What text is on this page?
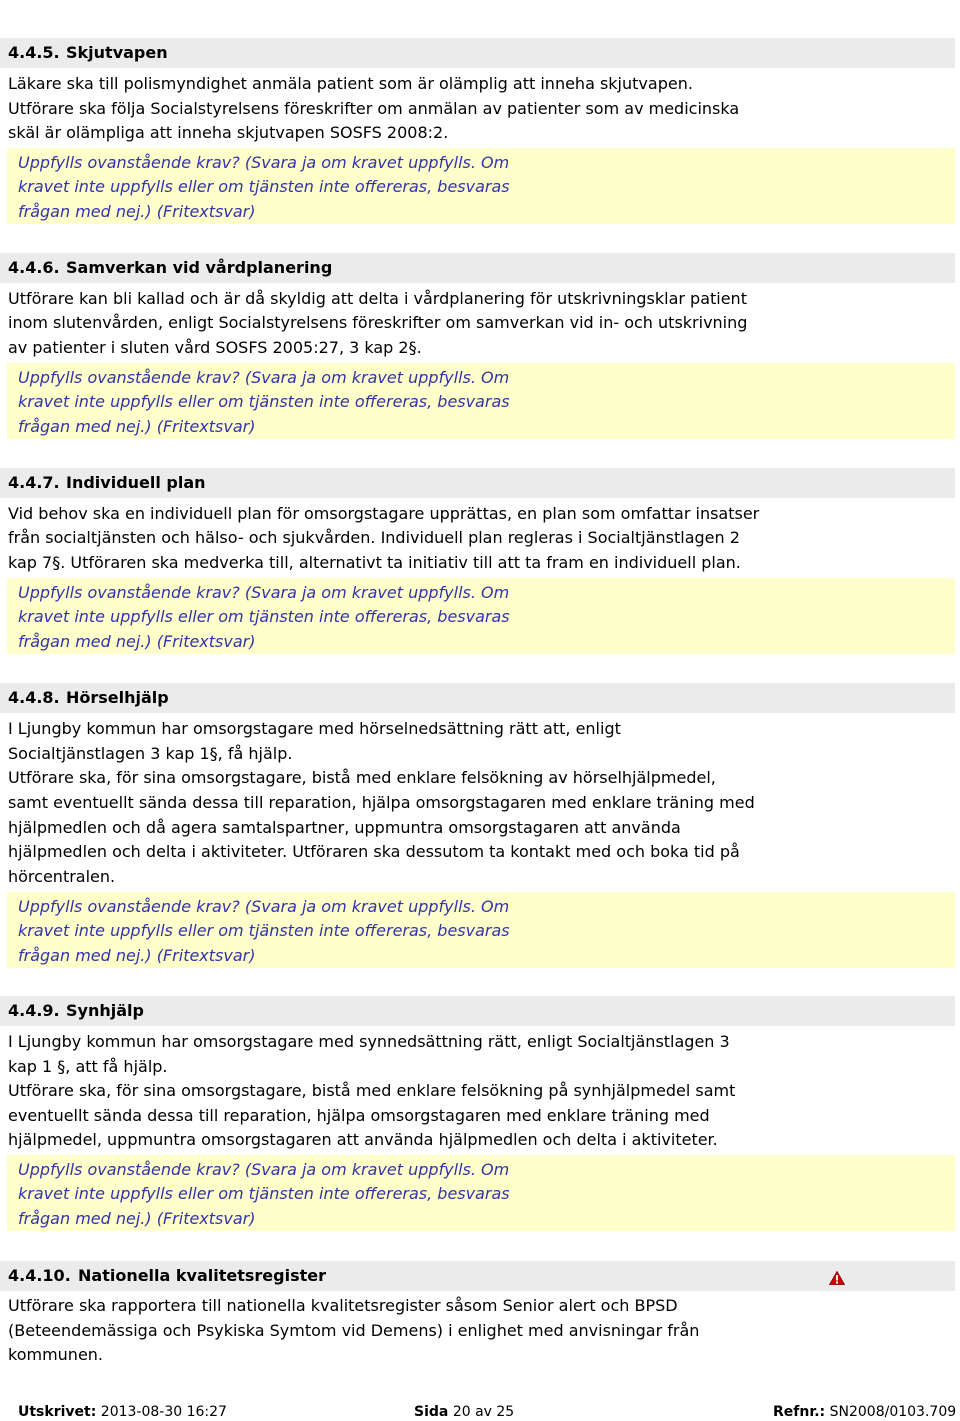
4.4.5. Skjutvapen
Läkare ska till polismyndighet anmäla patient som är olämplig att inneha skjutvapen.
Utförare ska följa Socialstyrelsens föreskrifter om anmälan av patienter som av medicinska
skäl är olämpliga att inneha skjutvapen SOSFS 2008:2.
Uppfylls ovanstående krav? (Svara ja om kravet uppfylls. Om
kravet inte uppfylls eller om tjänsten inte offereras, besvaras
frågan med nej.) (Fritextsvar)
4.4.6. Samverkan vid vårdplanering
Utförare kan bli kallad och är då skyldig att delta i vårdplanering för utskrivningsklar patient
inom slutenvården, enligt Socialstyrelsens föreskrifter om samverkan vid in- och utskrivning
av patienter i sluten vård SOSFS 2005:27, 3 kap 2§.
Uppfylls ovanstående krav? (Svara ja om kravet uppfylls. Om
kravet inte uppfylls eller om tjänsten inte offereras, besvaras
frågan med nej.) (Fritextsvar)
4.4.7. Individuell plan
Vid behov ska en individuell plan för omsorgstagare upprättas, en plan som omfattar insatser
från socialtjänsten och hälso- och sjukvården. Individuell plan regleras i Socialtjänstlagen 2
kap 7§. Utföraren ska medverka till, alternativt ta initiativ till att ta fram en individuell plan.
Uppfylls ovanstående krav? (Svara ja om kravet uppfylls. Om
kravet inte uppfylls eller om tjänsten inte offereras, besvaras
frågan med nej.) (Fritextsvar)
4.4.8. Hörselhjälp
I Ljungby kommun har omsorgstagare med hörselnedsättning rätt att, enligt
Socialtjänstlagen 3 kap 1§, få hjälp.
Utförare ska, för sina omsorgstagare, bistå med enklare felsökning av hörselhjälpmedel,
samt eventuellt sända dessa till reparation, hjälpa omsorgstagaren med enklare träning med
hjälpmedlen och då agera samtalspartner, uppmuntra omsorgstagaren att använda
hjälpmedlen och delta i aktiviteter. Utföraren ska dessutom ta kontakt med och boka tid på
hörcentralen.
Uppfylls ovanstående krav? (Svara ja om kravet uppfylls. Om
kravet inte uppfylls eller om tjänsten inte offereras, besvaras
frågan med nej.) (Fritextsvar)
4.4.9. Synhjälp
I Ljungby kommun har omsorgstagare med synnedsättning rätt, enligt Socialtjänstlagen 3
kap 1 §, att få hjälp.
Utförare ska, för sina omsorgstagare, bistå med enklare felsökning på synhjälpmedel samt
eventuellt sända dessa till reparation, hjälpa omsorgstagaren med enklare träning med
hjälpmedel, uppmuntra omsorgstagaren att använda hjälpmedlen och delta i aktiviteter.
Uppfylls ovanstående krav? (Svara ja om kravet uppfylls. Om
kravet inte uppfylls eller om tjänsten inte offereras, besvaras
frågan med nej.) (Fritextsvar)
4.4.10. Nationella kvalitetsregister
Utförare ska rapportera till nationella kvalitetsregister såsom Senior alert och BPSD
(Beteendemässiga och Psykiska Symtom vid Demens) i enlighet med anvisningar från
kommunen.
Utskrivet: 2013-08-30 16:27	Sida 20 av 25	Refnr.: SN2008/0103.709
